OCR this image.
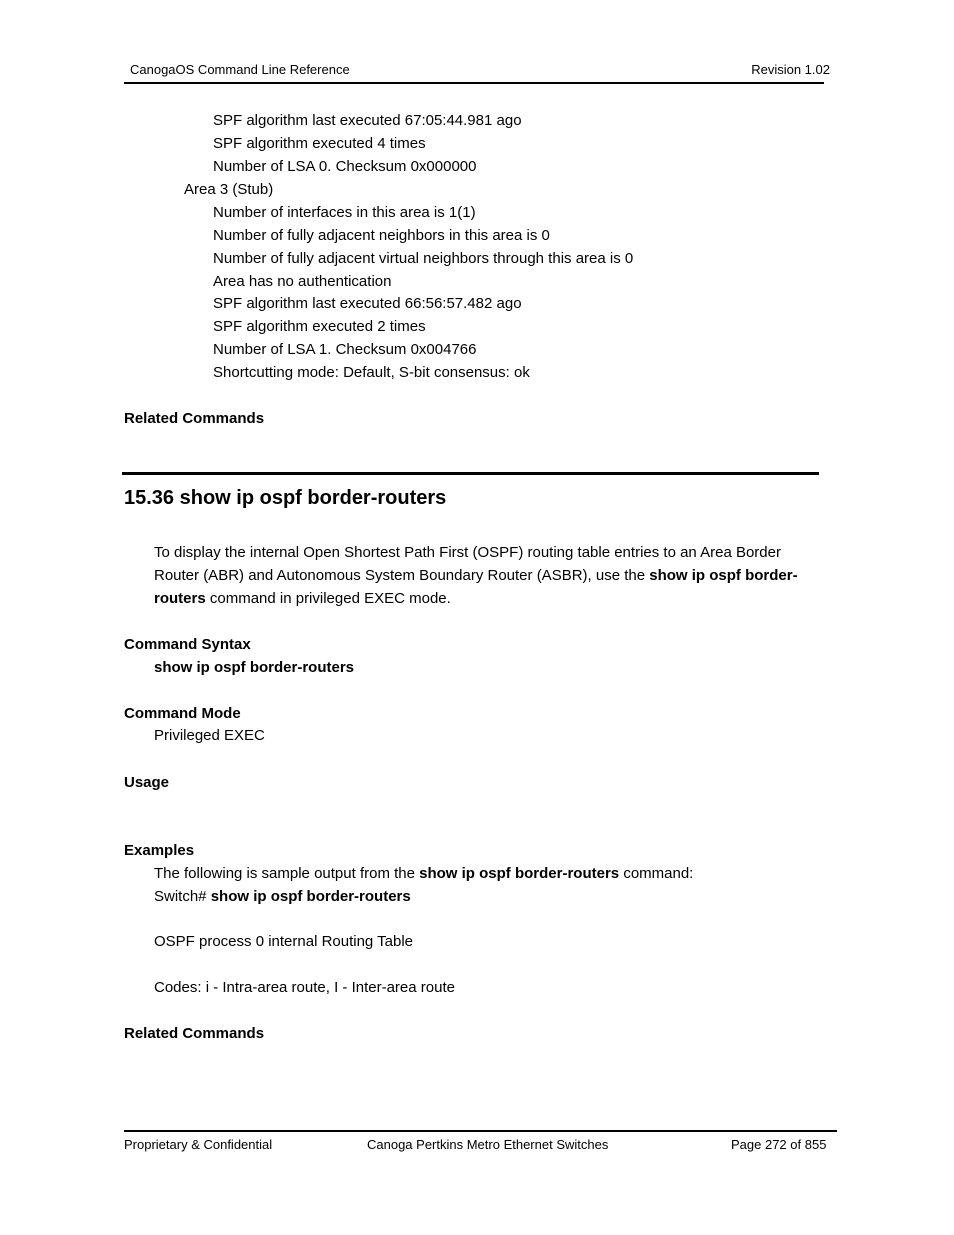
CanogaOS Command Line Reference	Revision 1.02
SPF algorithm last executed 67:05:44.981 ago
SPF algorithm executed 4 times
Number of LSA 0. Checksum 0x000000
Area 3 (Stub)
Number of interfaces in this area is 1(1)
Number of fully adjacent neighbors in this area is 0
Number of fully adjacent virtual neighbors through this area is 0
Area has no authentication
SPF algorithm last executed 66:56:57.482 ago
SPF algorithm executed 2 times
Number of LSA 1. Checksum 0x004766
Shortcutting mode: Default, S-bit consensus: ok
Related Commands
15.36 show ip ospf border-routers
To display the internal Open Shortest Path First (OSPF) routing table entries to an Area Border Router (ABR) and Autonomous System Boundary Router (ASBR), use the show ip ospf border-routers command in privileged EXEC mode.
Command Syntax
show ip ospf border-routers
Command Mode
Privileged EXEC
Usage
Examples
The following is sample output from the show ip ospf border-routers command:
Switch# show ip ospf border-routers
OSPF process 0 internal Routing Table
Codes: i - Intra-area route, I - Inter-area route
Related Commands
Proprietary & Confidential	Canoga Pertkins Metro Ethernet Switches	Page 272 of 855
